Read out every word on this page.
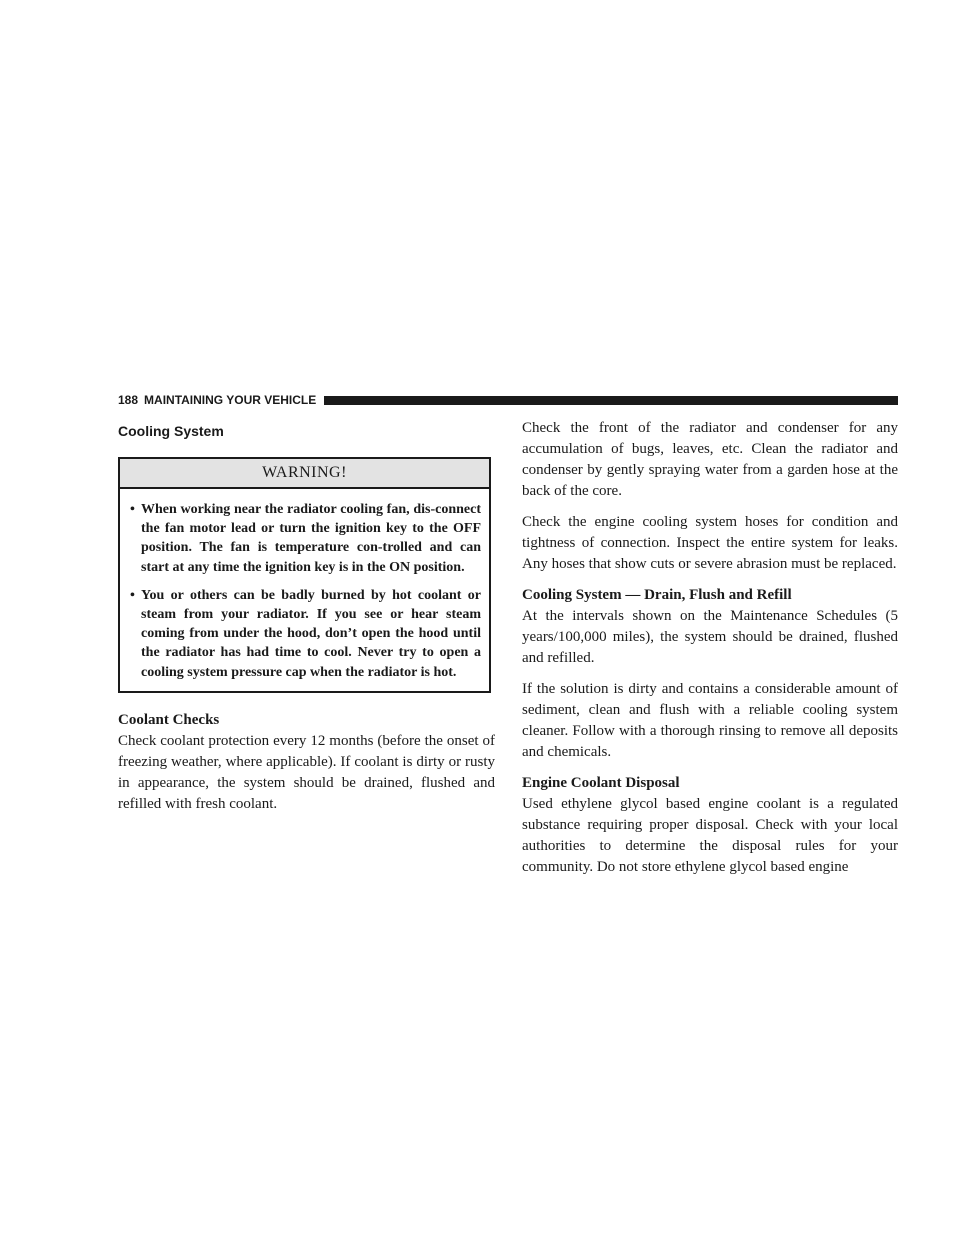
188 MAINTAINING YOUR VEHICLE
Cooling System
WARNING!
• When working near the radiator cooling fan, dis-connect the fan motor lead or turn the ignition key to the OFF position. The fan is temperature con-trolled and can start at any time the ignition key is in the ON position.
• You or others can be badly burned by hot coolant or steam from your radiator. If you see or hear steam coming from under the hood, don’t open the hood until the radiator has had time to cool. Never try to open a cooling system pressure cap when the radiator is hot.
Coolant Checks

Check coolant protection every 12 months (before the onset of freezing weather, where applicable). If coolant is dirty or rusty in appearance, the system should be drained, flushed and refilled with fresh coolant.

Check the front of the radiator and condenser for any accumulation of bugs, leaves, etc. Clean the radiator and condenser by gently spraying water from a garden hose at the back of the core.

Check the engine cooling system hoses for condition and tightness of connection. Inspect the entire system for leaks. Any hoses that show cuts or severe abrasion must be replaced.

Cooling System — Drain, Flush and Refill

At the intervals shown on the Maintenance Schedules (5 years/100,000 miles), the system should be drained, flushed and refilled.

If the solution is dirty and contains a considerable amount of sediment, clean and flush with a reliable cooling system cleaner. Follow with a thorough rinsing to remove all deposits and chemicals.

Engine Coolant Disposal

Used ethylene glycol based engine coolant is a regulated substance requiring proper disposal. Check with your local authorities to determine the disposal rules for your community. Do not store ethylene glycol based engine
